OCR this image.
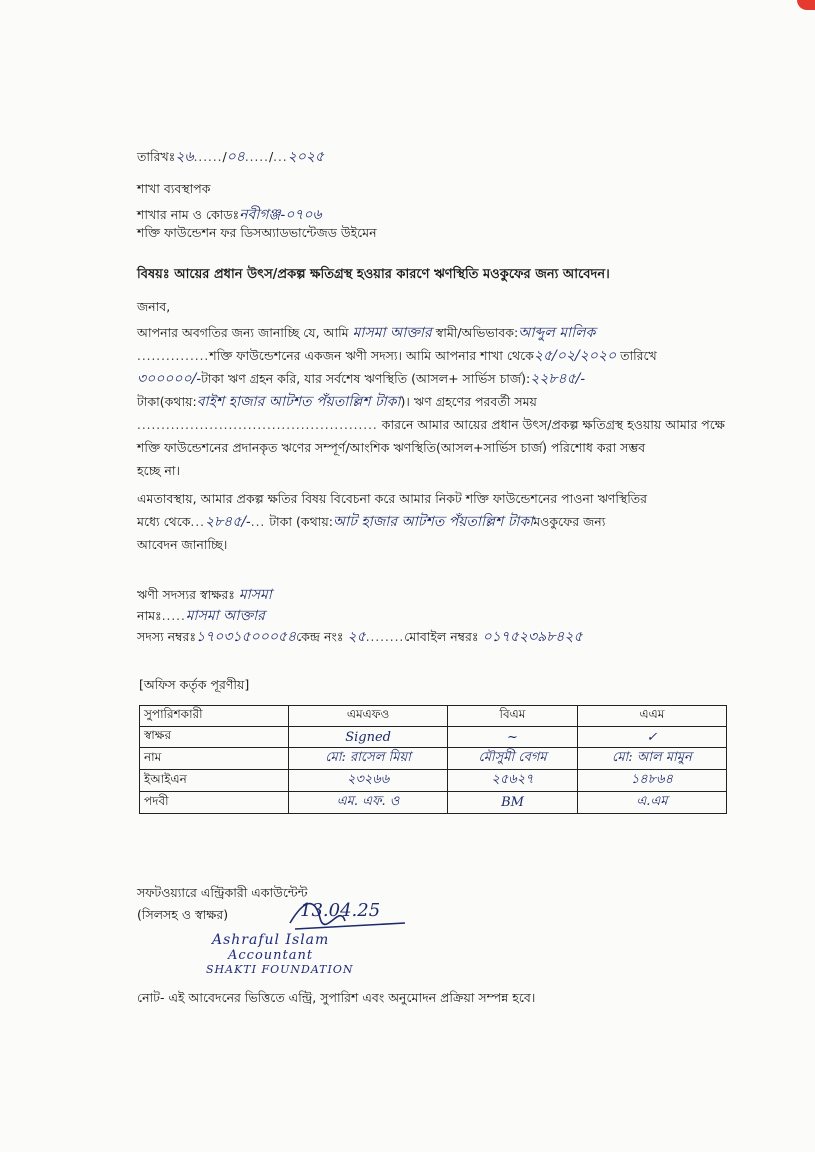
তারিখঃ২৬....../০৪...../...২০২৫
শাখা ব্যবস্থাপক
শাখার নাম ও কোডঃনবীগঞ্জ-০৭০৬
শক্তি ফাউন্ডেশন ফর ডিসঅ্যাডভান্টেজড উইমেন
বিষয়ঃ আয়ের প্রধান উৎস/প্রকল্প ক্ষতিগ্রস্থ হওয়ার কারণে ঋণস্থিতি মওকুফের জন্য আবেদন।
জনাব,
আপনার অবগতির জন্য জানাচ্ছি যে, আমি মাসমা আক্তার স্বামী/অভিভাবক:আব্দুল মালিক
...............শক্তি ফাউন্ডেশনের একজন ঋণী সদস্য। আমি আপনার শাখা থেকে২৫/০২/২০২০ তারিখে
৩০০০০০/-টাকা ঋণ গ্রহন করি, যার সর্বশেষ ঋণস্থিতি (আসল+ সার্ভিস চার্জ):২২৮৪৫/-
টাকা(কথায়:বাইশ হাজার আটশত পঁয়তাল্লিশ টাকা)। ঋণ গ্রহণের পরবর্তী সময়
.................................................. কারনে আমার আয়ের প্রধান উৎস/প্রকল্প ক্ষতিগ্রস্থ হওয়ায় আমার পক্ষে
শক্তি ফাউন্ডেশনের প্রদানকৃত ঋণের সম্পূর্ণ/আংশিক ঋণস্থিতি(আসল+সার্ভিস চার্জ) পরিশোধ করা সম্ভব
হচ্ছে না।
এমতাবস্থায়, আমার প্রকল্প ক্ষতির বিষয় বিবেচনা করে আমার নিকট শক্তি ফাউন্ডেশনের পাওনা ঋণস্থিতির
মধ্যে থেকে...২৮৪৫/-... টাকা (কথায়:আট হাজার আটশত পঁয়তাল্লিশ টাকামওকুফের জন্য
আবেদন জানাচ্ছি।
ঋণী সদস্যর স্বাক্ষরঃ মাসমা
নামঃ.....মাসমা আক্তার
সদস্য নম্বরঃ১৭০৩১৫০০০৫৪কেন্দ্র নংঃ ২৫........মোবাইল নম্বরঃ ০১৭৫২৩৯৮৪২৫
[অফিস কর্তৃক পূরণীয়]
সুপারিশকারী	এমএফও	বিএম	এএম
স্বাক্ষর	Signed	~	✓
নাম	মো: রাসেল মিয়া	মৌসুমী বেগম	মো: আল মামুন
ইআইএন	২৩২৬৬	২৫৬২৭	১৪৮৬৪
পদবী	এম. এফ. ও	BM	এ.এম
সফটওয়্যারে এন্ট্রিকারী একাউন্টেন্ট
(সিলসহ ও স্বাক্ষর)	13.04.25
Ashraful Islam
Accountant
SHAKTI FOUNDATION
নোট- এই আবেদনের ভিত্তিতে এন্ট্রি, সুপারিশ এবং অনুমোদন প্রক্রিয়া সম্পন্ন হবে।
